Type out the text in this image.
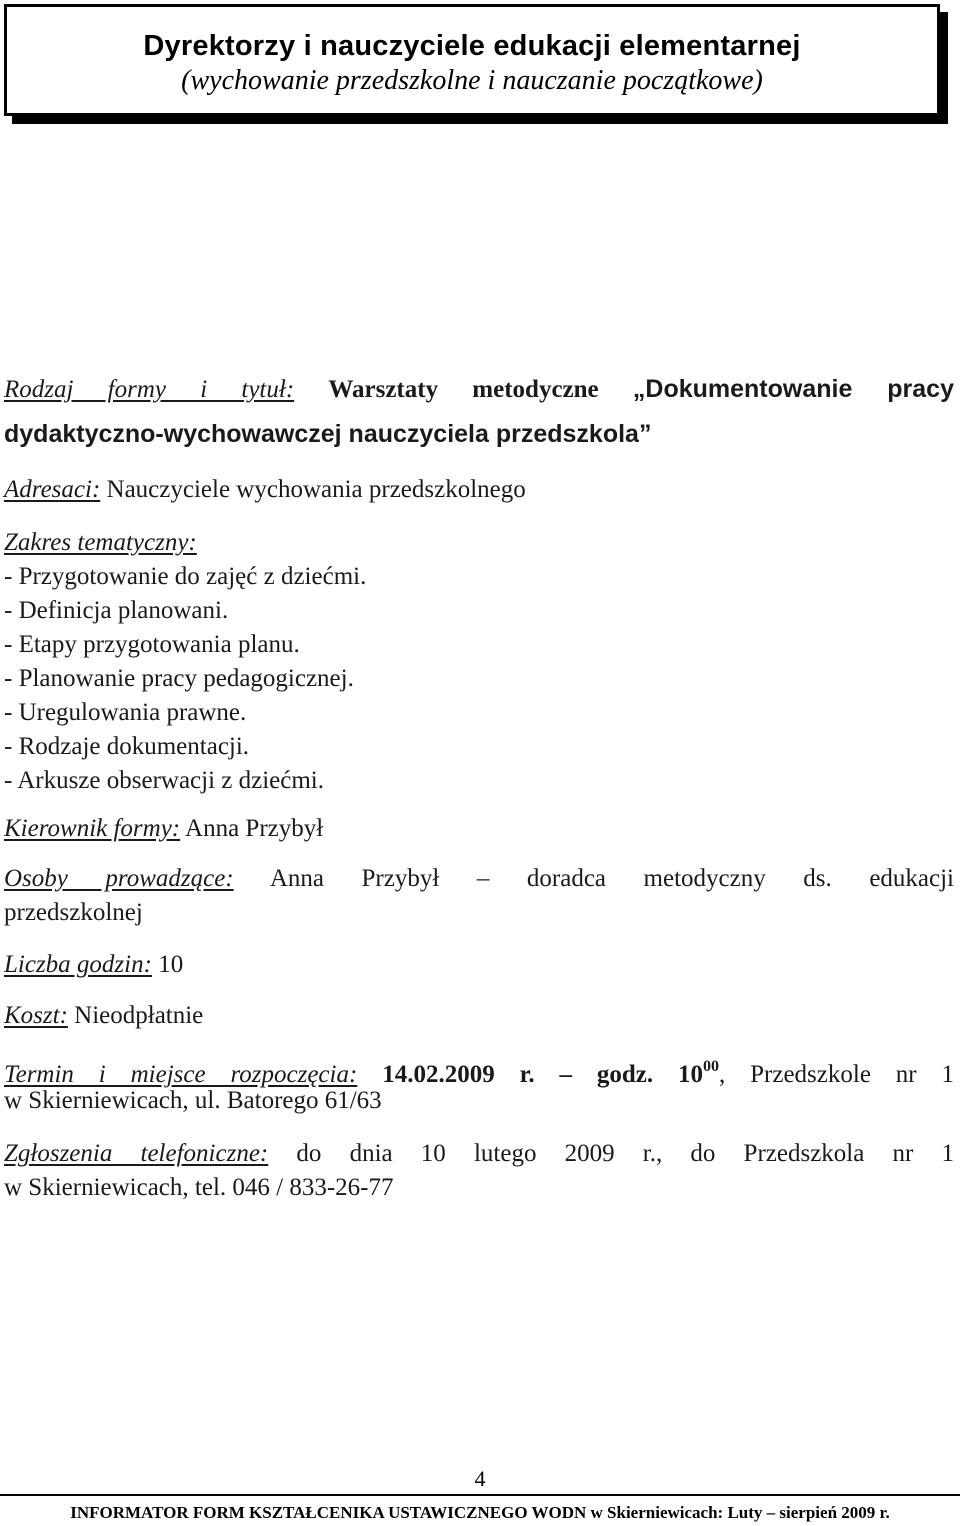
Dyrektorzy i nauczyciele edukacji elementarnej
(wychowanie przedszkolne i nauczanie początkowe)
Rodzaj formy i tytuł: Warsztaty metodyczne „Dokumentowanie pracy
dydaktyczno-wychowawczej nauczyciela przedszkola”
Adresaci: Nauczyciele wychowania przedszkolnego
Zakres tematyczny:
- Przygotowanie do zajęć z dziećmi.
- Definicja planowani.
- Etapy przygotowania planu.
- Planowanie pracy pedagogicznej.
- Uregulowania prawne.
- Rodzaje dokumentacji.
- Arkusze obserwacji z dziećmi.
Kierownik formy: Anna Przybył
Osoby prowadzące: Anna Przybył – doradca metodyczny ds. edukacji
przedszkolnej
Liczba godzin: 10
Koszt: Nieodpłatnie
Termin i miejsce rozpoczęcia: 14.02.2009 r. – godz. $10^{00}$, Przedszkole nr 1
w Skierniewicach, ul. Batorego 61/63
Zgłoszenia telefoniczne: do dnia 10 lutego 2009 r., do Przedszkola nr 1
w Skierniewicach, tel. 046 / 833-26-77
4
INFORMATOR FORM KSZTAŁCENIKA USTAWICZNEGO WODN w Skierniewicach: Luty – sierpień 2009 r.
